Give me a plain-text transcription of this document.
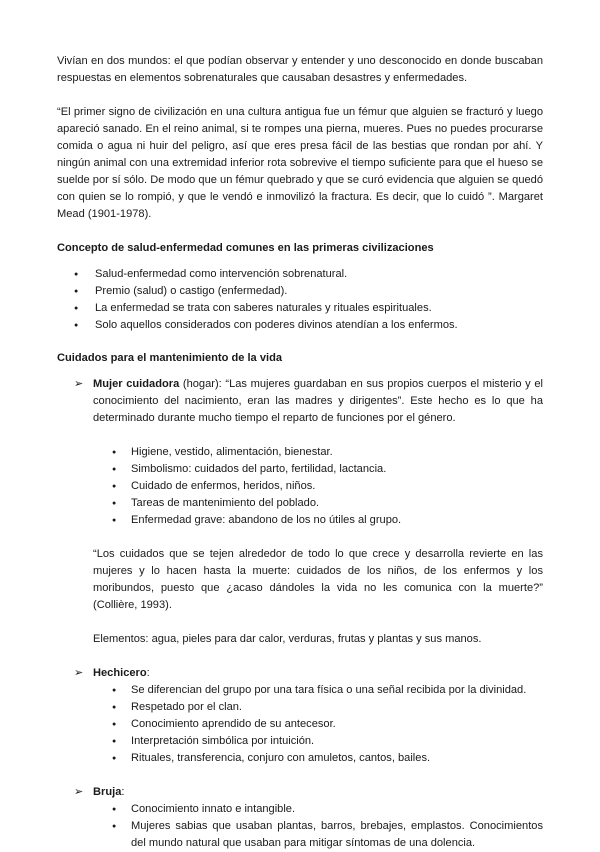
Vivían en dos mundos: el que podían observar y entender y uno desconocido en donde buscaban respuestas en elementos sobrenaturales que causaban desastres y enfermedades.

“El primer signo de civilización en una cultura antigua fue un fémur que alguien se fracturó y luego apareció sanado. En el reino animal, si te rompes una pierna, mueres. Pues no puedes procurarse comida o agua ni huir del peligro, así que eres presa fácil de las bestias que rondan por ahí. Y ningún animal con una extremidad inferior rota sobrevive el tiempo suficiente para que el hueso se suelde por sí sólo. De modo que un fémur quebrado y que se curó evidencia que alguien se quedó con quien se lo rompió, y que le vendó e inmovilizó la fractura. Es decir, que lo cuidó ”. Margaret Mead (1901-1978).

Concepto de salud-enfermedad comunes en las primeras civilizaciones
● Salud-enfermedad como intervención sobrenatural.
● Premio (salud) o castigo (enfermedad).
● La enfermedad se trata con saberes naturales y rituales espirituales.
● Solo aquellos considerados con poderes divinos atendían a los enfermos.
Cuidados para el mantenimiento de la vida
➢ Mujer cuidadora (hogar): “Las mujeres guardaban en sus propios cuerpos el misterio y el conocimiento del nacimiento, eran las madres y dirigentes”. Este hecho es lo que ha determinado durante mucho tiempo el reparto de funciones por el género.

● Higiene, vestido, alimentación, bienestar.
● Simbolismo: cuidados del parto, fertilidad, lactancia.
● Cuidado de enfermos, heridos, niños.
● Tareas de mantenimiento del poblado.
● Enfermedad grave: abandono de los no útiles al grupo.

“Los cuidados que se tejen alrededor de todo lo que crece y desarrolla revierte en las mujeres y lo hacen hasta la muerte: cuidados de los niños, de los enfermos y los moribundos, puesto que ¿acaso dándoles la vida no les comunica con la muerte?” (Collière, 1993).

Elementos: agua, pieles para dar calor, verduras, frutas y plantas y sus manos.

➢ Hechicero:

● Se diferencian del grupo por una tara física o una señal recibida por la divinidad.
● Respetado por el clan.
● Conocimiento aprendido de su antecesor.
● Interpretación simbólica por intuición.
● Rituales, transferencia, conjuro con amuletos, cantos, bailes.
➢ Bruja:

● Conocimiento innato e intangible.
● Mujeres sabias que usaban plantas, barros, brebajes, emplastos. Conocimientos del mundo natural que usaban para mitigar síntomas de una dolencia.
